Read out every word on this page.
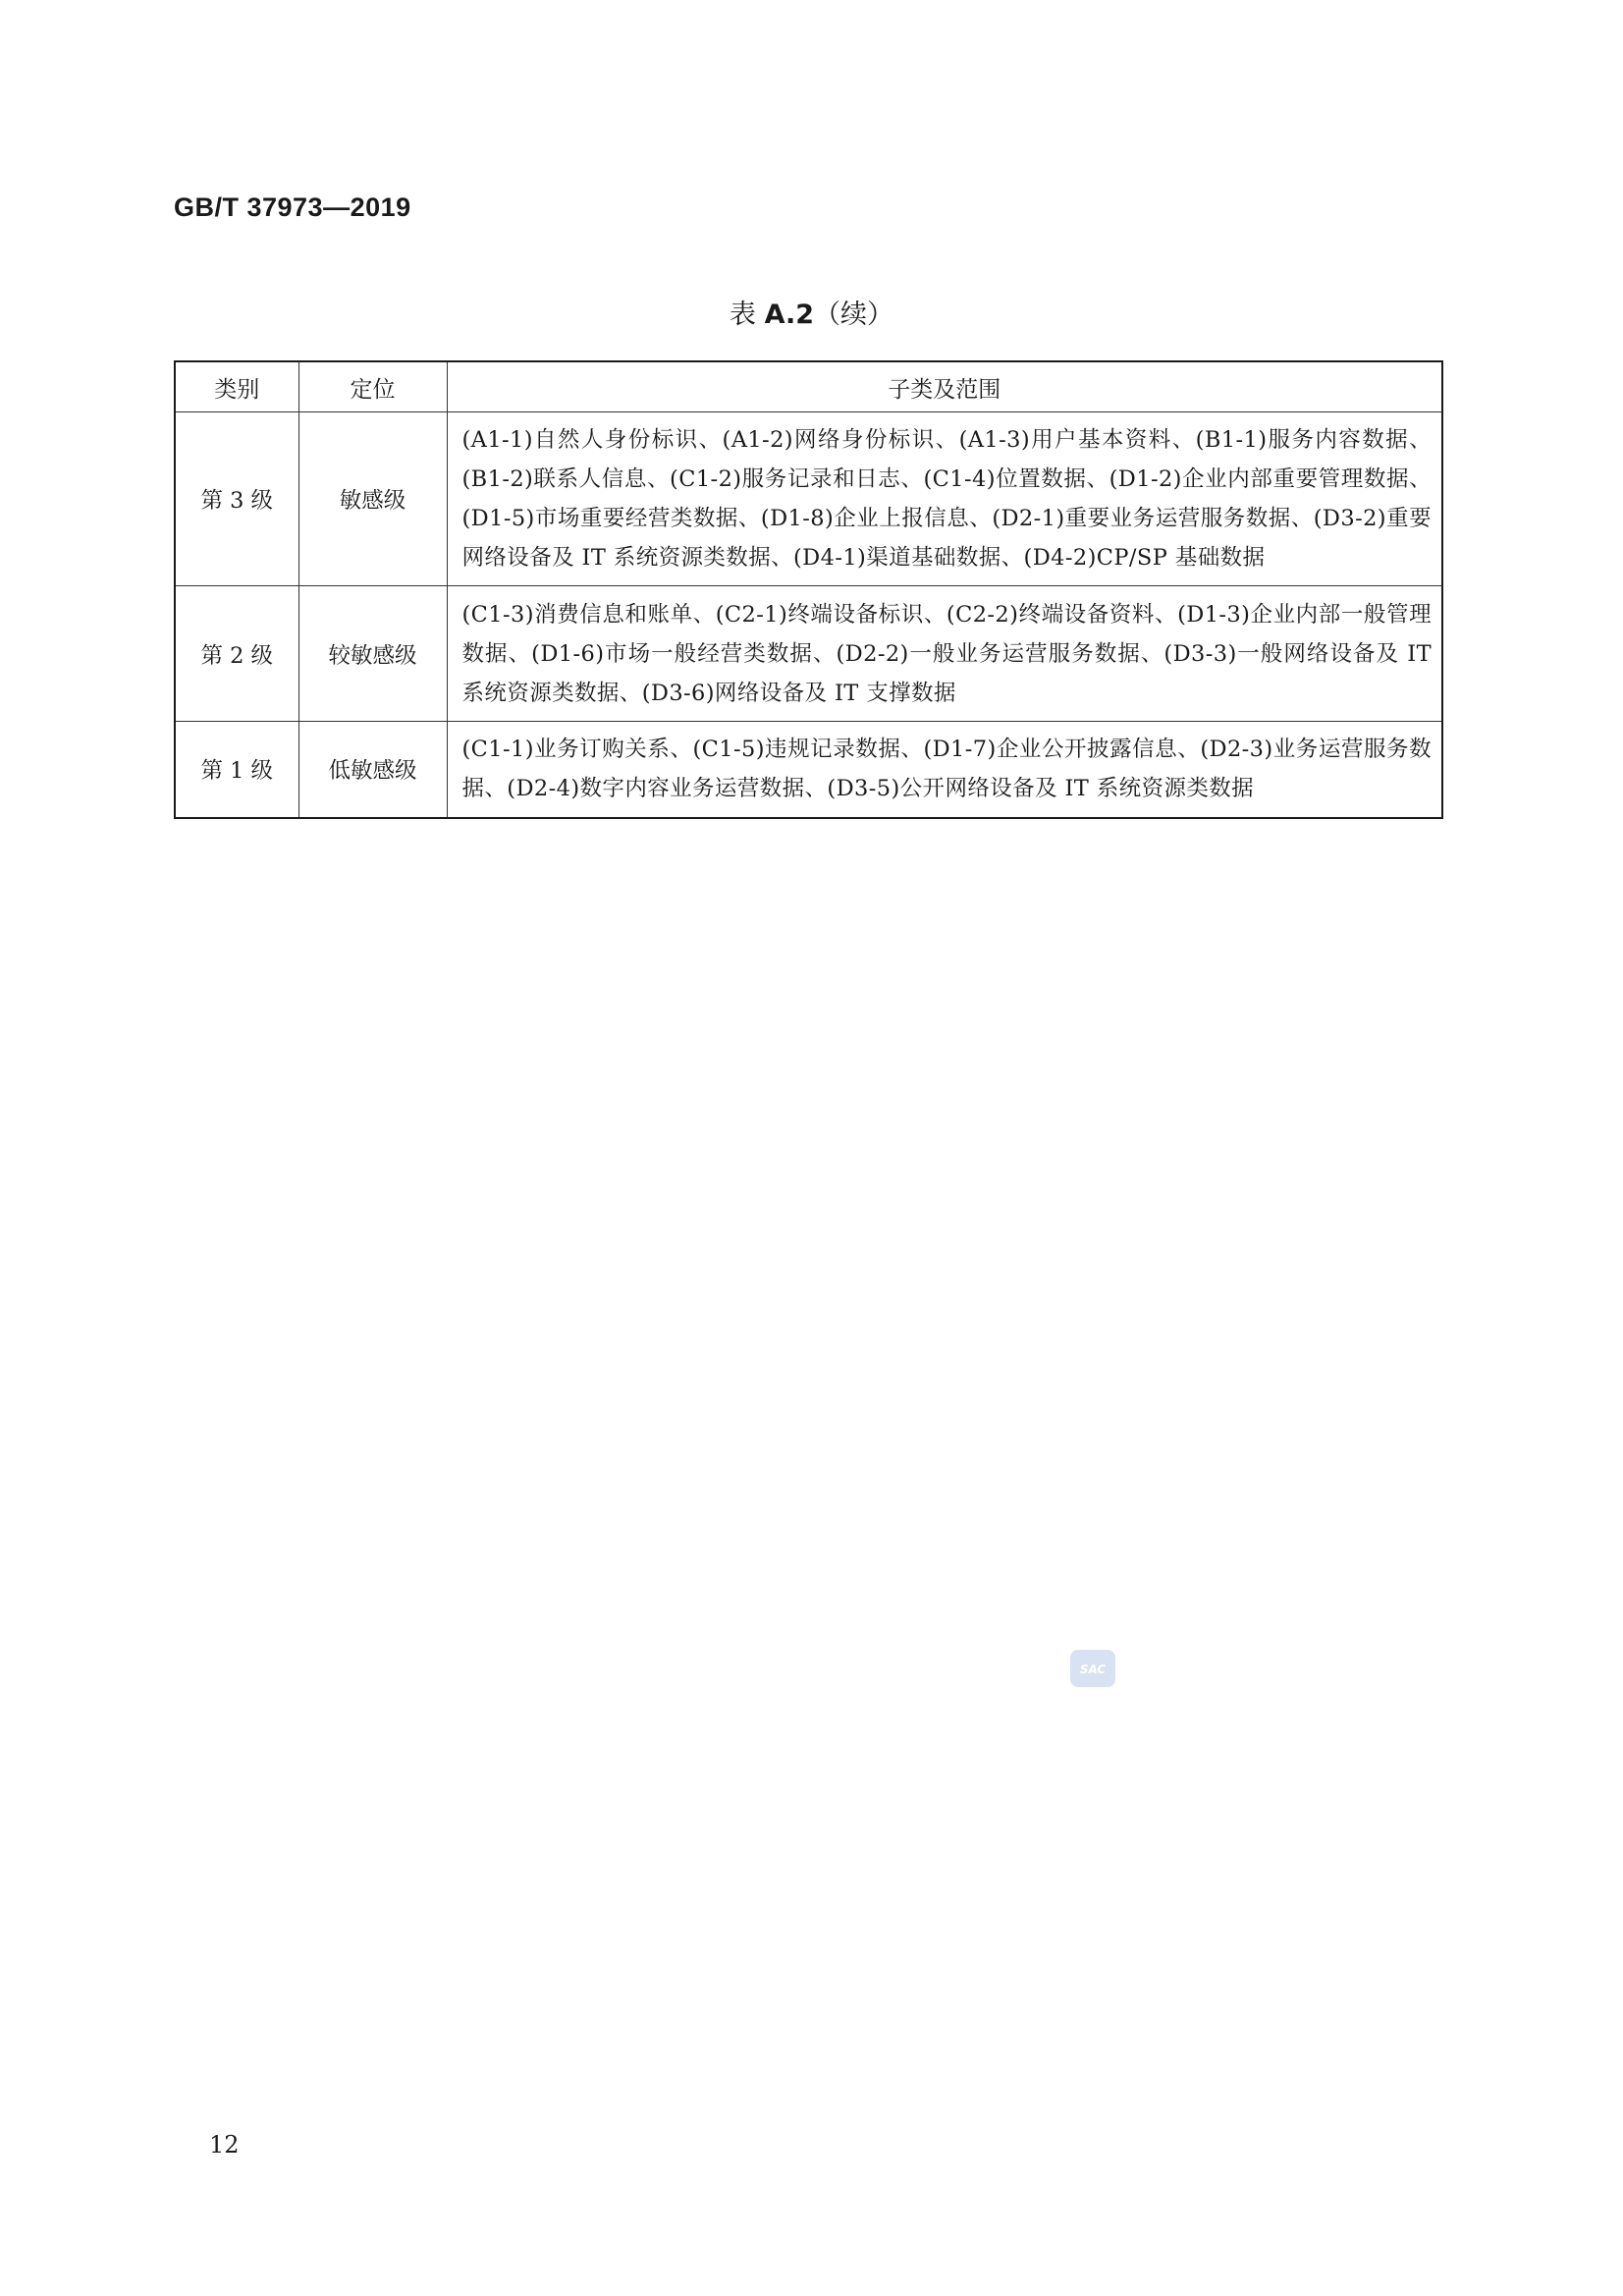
GB/T 37973—2019
表 A.2（续）
类别	定位	子类及范围
第 3 级	敏感级	(A1-1)自然人身份标识、(A1-2)网络身份标识、(A1-3)用户基本资料、(B1-1)服务内容数据、(B1-2)联系人信息、(C1-2)服务记录和日志、(C1-4)位置数据、(D1-2)企业内部重要管理数据、(D1-5)市场重要经营类数据、(D1-8)企业上报信息、(D2-1)重要业务运营服务数据、(D3-2)重要网络设备及 IT 系统资源类数据、(D4-1)渠道基础数据、(D4-2)CP/SP 基础数据
第 2 级	较敏感级	(C1-3)消费信息和账单、(C2-1)终端设备标识、(C2-2)终端设备资料、(D1-3)企业内部一般管理数据、(D1-6)市场一般经营类数据、(D2-2)一般业务运营服务数据、(D3-3)一般网络设备及 IT 系统资源类数据、(D3-6)网络设备及 IT 支撑数据
第 1 级	低敏感级	(C1-1)业务订购关系、(C1-5)违规记录数据、(D1-7)企业公开披露信息、(D2-3)业务运营服务数据、(D2-4)数字内容业务运营数据、(D3-5)公开网络设备及 IT 系统资源类数据
SAC
12
